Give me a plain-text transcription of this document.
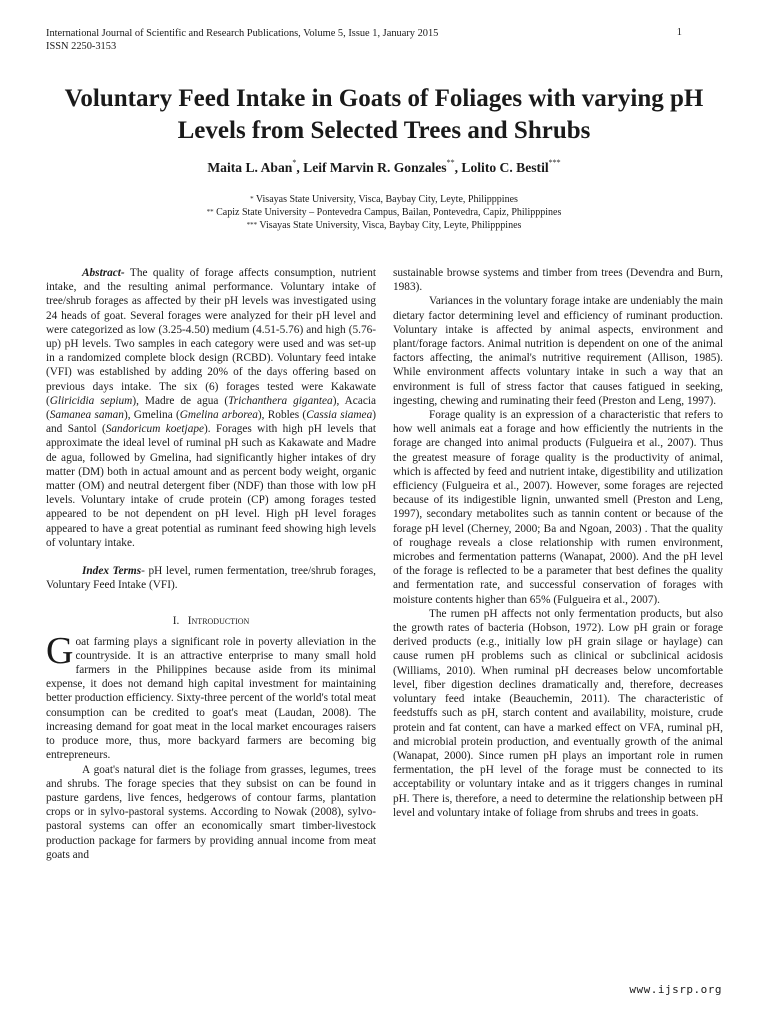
International Journal of Scientific and Research Publications, Volume 5, Issue 1, January 2015
ISSN 2250-3153
1
Voluntary Feed Intake in Goats of Foliages with varying pH Levels from Selected Trees and Shrubs
Maita L. Aban*, Leif Marvin R. Gonzales**, Lolito C. Bestil***
* Visayas State University, Visca, Baybay City, Leyte, Philipppines
** Capiz State University – Pontevedra Campus, Bailan, Pontevedra, Capiz, Philipppines
*** Visayas State University, Visca, Baybay City, Leyte, Philipppines

Abstract- The quality of forage affects consumption, nutrient intake, and the resulting animal performance. Voluntary intake of tree/shrub forages as affected by their pH levels was investigated using 24 heads of goat. Several forages were analyzed for their pH level and were categorized as low (3.25-4.50) medium (4.51-5.76) and high (5.76-up) pH levels. Two samples in each category were used and was set-up in a randomized complete block design (RCBD). Voluntary feed intake (VFI) was established by adding 20% of the days offering based on previous days intake. The six (6) forages tested were Kakawate (Gliricidia sepium), Madre de agua (Trichanthera gigantea), Acacia (Samanea saman), Gmelina (Gmelina arborea), Robles (Cassia siamea) and Santol (Sandoricum koetjape). Forages with high pH levels that approximate the ideal level of ruminal pH such as Kakawate and Madre de agua, followed by Gmelina, had significantly higher intakes of dry matter (DM) both in actual amount and as percent body weight, organic matter (OM) and neutral detergent fiber (NDF) than those with low pH levels. Voluntary intake of crude protein (CP) among forages tested appeared to be not dependent on pH level. High pH level forages appeared to have a great potential as ruminant feed showing high levels of voluntary intake.

Index Terms- pH level, rumen fermentation, tree/shrub forages, Voluntary Feed Intake (VFI).

I. Introduction

Goat farming plays a significant role in poverty alleviation in the countryside. It is an attractive enterprise to many small hold farmers in the Philippines because aside from its minimal expense, it does not demand high capital investment for maintaining better production efficiency. Sixty-three percent of the world's total meat consumption can be credited to goat's meat (Laudan, 2008). The increasing demand for goat meat in the local market encourages raisers to produce more, thus, more backyard farmers are becoming big entrepreneurs.

A goat's natural diet is the foliage from grasses, legumes, trees and shrubs. The forage species that they subsist on can be found in pasture gardens, live fences, hedgerows of contour farms, plantation crops or in sylvo-pastoral systems. According to Nowak (2008), sylvo-pastoral systems can offer an economically smart timber-livestock production package for farmers by providing annual income from meat goats and

sustainable browse systems and timber from trees (Devendra and Burn, 1983).

Variances in the voluntary forage intake are undeniably the main dietary factor determining level and efficiency of ruminant production. Voluntary intake is affected by animal aspects, environment and plant/forage factors. Animal nutrition is dependent on one of the animal factors affecting, the animal's nutritive requirement (Allison, 1985). While environment affects voluntary intake in such a way that an environment is full of stress factor that causes fatigued in seeking, ingesting, chewing and ruminating their feed (Preston and Leng, 1997).

Forage quality is an expression of a characteristic that refers to how well animals eat a forage and how efficiently the nutrients in the forage are changed into animal products (Fulgueira et al., 2007). Thus the greatest measure of forage quality is the productivity of animal, which is affected by feed and nutrient intake, digestibility and utilization efficiency (Fulgueira et al., 2007). However, some forages are rejected because of its indigestible lignin, unwanted smell (Preston and Leng, 1997), secondary metabolites such as tannin content or because of the forage pH level (Cherney, 2000; Ba and Ngoan, 2003) . That the quality of roughage reveals a close relationship with rumen environment, microbes and fermentation patterns (Wanapat, 2000). And the pH level of the forage is reflected to be a parameter that best defines the quality and fermentation rate, and successful conservation of forages with moisture contents higher than 65% (Fulgueira et al., 2007).

The rumen pH affects not only fermentation products, but also the growth rates of bacteria (Hobson, 1972). Low pH grain or forage derived products (e.g., initially low pH grain silage or haylage) can cause rumen pH problems such as clinical or subclinical acidosis (Williams, 2010). When ruminal pH decreases below uncomfortable level, fiber digestion declines dramatically and, therefore, decreases voluntary feed intake (Beauchemin, 2011). The characteristic of feedstuffs such as pH, starch content and availability, moisture, crude protein and fat content, can have a marked effect on VFA, ruminal pH, and microbial protein production, and eventually growth of the animal (Wanapat, 2000). Since rumen pH plays an important role in rumen fermentation, the pH level of the forage must be connected to its acceptability or voluntary intake and as it triggers changes in ruminal pH. There is, therefore, a need to determine the relationship between pH level and voluntary intake of foliage from shrubs and trees in goats.

www.ijsrp.org
